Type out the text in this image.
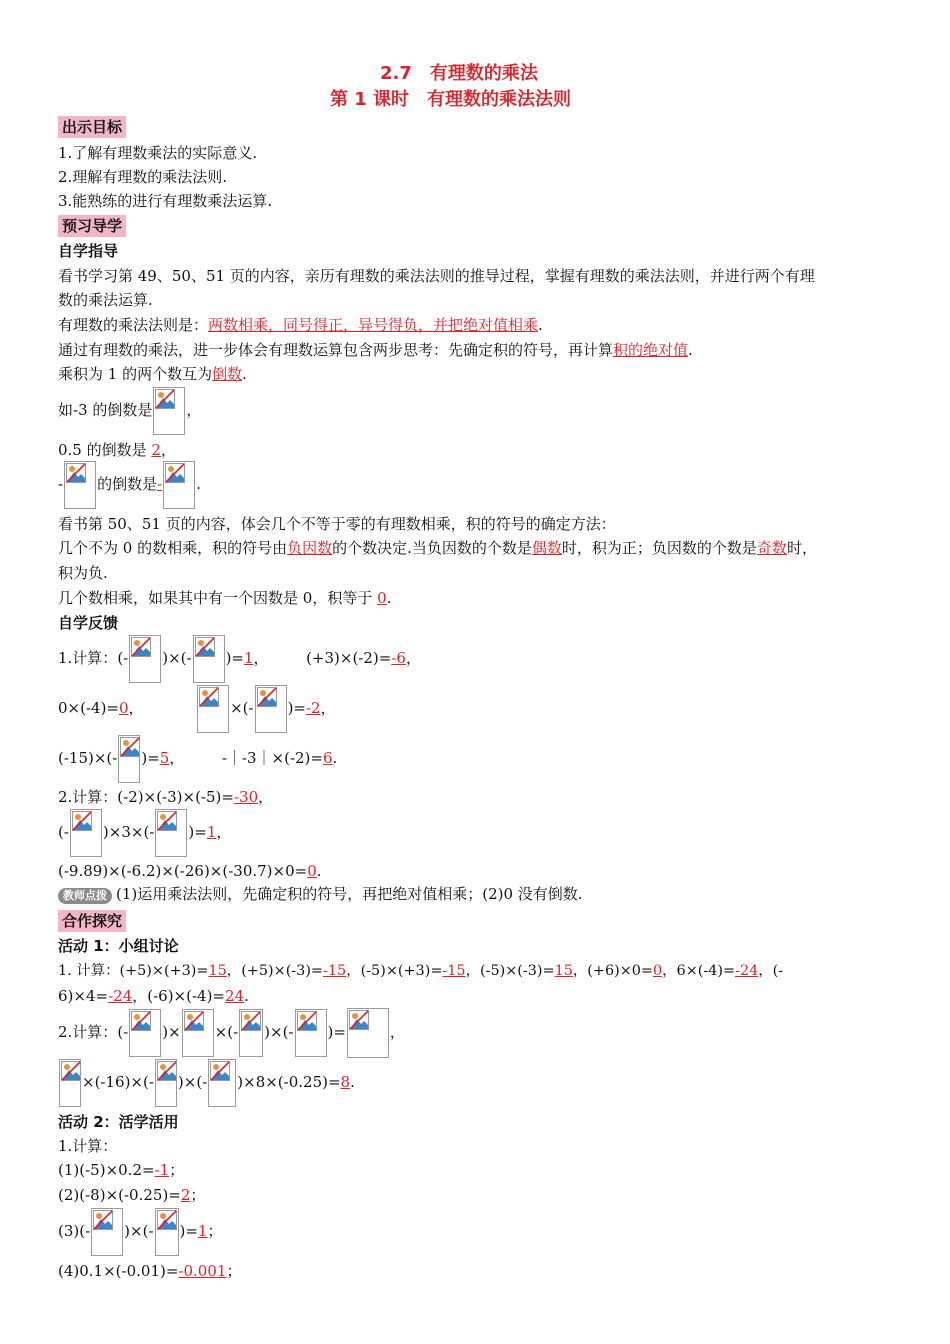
2.7　有理数的乘法
第 1 课时　有理数的乘法法则
出示目标
1.了解有理数乘法的实际意义.
2.理解有理数的乘法法则.
3.能熟练的进行有理数乘法运算.
预习导学
自学指导
看书学习第 49、50、51 页的内容，亲历有理数的乘法法则的推导过程，掌握有理数的乘法法则，并进行两个有理
数的乘法运算.
有理数的乘法法则是：两数相乘，同号得正，异号得负，并把绝对值相乘.
通过有理数的乘法，进一步体会有理数运算包含两步思考：先确定积的符号，再计算积的绝对值.
乘积为 1 的两个数互为倒数.
如-3 的倒数是 ，
0.5 的倒数是 2，
- 的倒数是- .
看书第 50、51 页的内容，体会几个不等于零的有理数相乘，积的符号的确定方法：
几个不为 0 的数相乘，积的符号由负因数的个数决定.当负因数的个数是偶数时，积为正；负因数的个数是奇数时，
积为负.
几个数相乘，如果其中有一个因数是 0，积等于 0.
自学反馈
1.计算：(- )×(- )=1，   (+3)×(-2)=-6，
0×(-4)=0，    
×(- )=-2，
(-15)×(- )=5，   -｜-3｜×(-2)=6.
2.计算：(-2)×(-3)×(-5)=-30，
(- )×3×(- )=1，
(-9.89)×(-6.2)×(-26)×(-30.7)×0=0.
教师点拨 (1)运用乘法法则，先确定积的符号，再把绝对值相乘；(2)0 没有倒数.
合作探究
活动 1：小组讨论
1. 计算：(+5)×(+3)=15，(+5)×(-3)=-15，(-5)×(+3)=-15，(-5)×(-3)=15，(+6)×0=0，6×(-4)=-24，(-
6)×4=-24，(-6)×(-4)=24.
2.计算：(- )× ×(- )×(- )=	，
×(-16)×(- )×(- )×8×(-0.25)=8.
活动 2：活学活用
1.计算：
(1)(-5)×0.2=-1；
(2)(-8)×(-0.25)=2；
(3)(- )×(- )=1；
(4)0.1×(-0.01)=-0.001；
